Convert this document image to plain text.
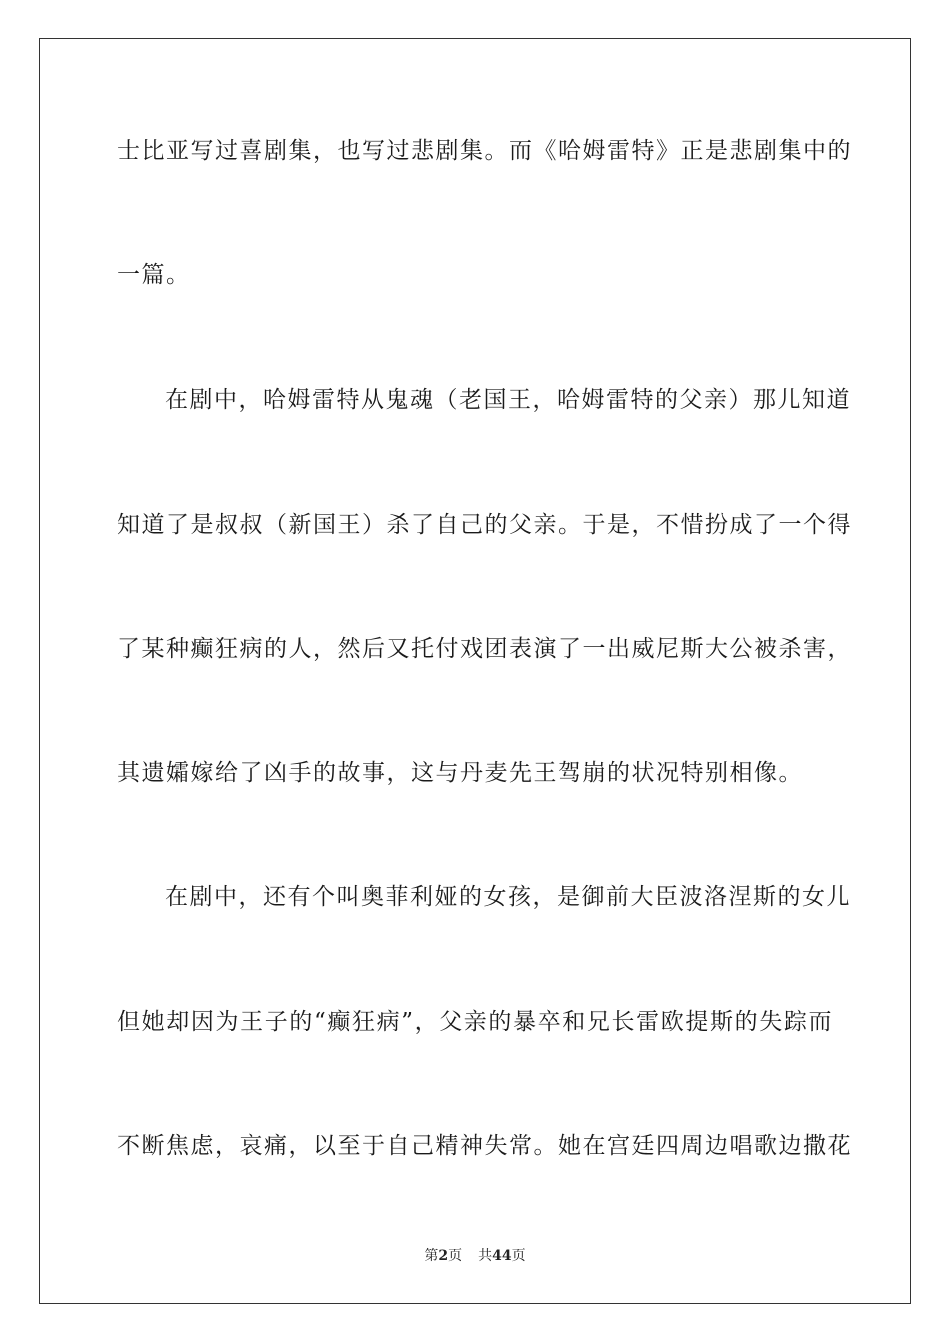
士比亚写过喜剧集，也写过悲剧集。而《哈姆雷特》正是悲剧集中的
一篇。
在剧中，哈姆雷特从鬼魂（老国王，哈姆雷特的父亲）那儿知道
知道了是叔叔（新国王）杀了自己的父亲。于是，不惜扮成了一个得
了某种癫狂病的人，然后又托付戏团表演了一出威尼斯大公被杀害，
其遗孀嫁给了凶手的故事，这与丹麦先王驾崩的状况特别相像。
在剧中，还有个叫奥菲利娅的女孩，是御前大臣波洛涅斯的女儿
但她却因为王子的“癫狂病”，父亲的暴卒和兄长雷欧提斯的失踪而
不断焦虑，哀痛，以至于自己精神失常。她在宫廷四周边唱歌边撒花
第2页 共44页
